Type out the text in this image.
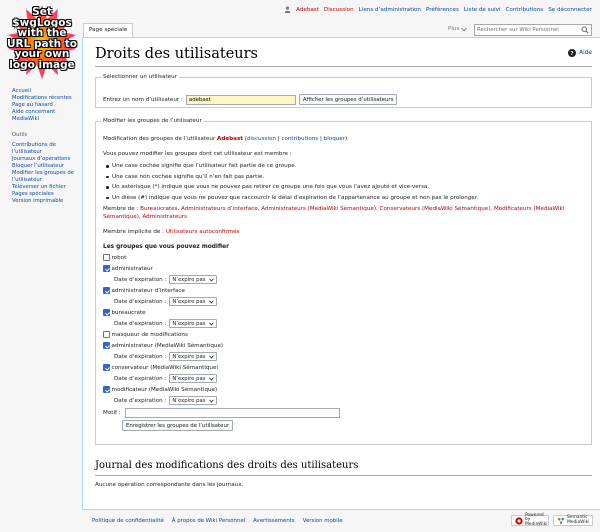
Set $wgLogos with the URL path to your own logo image
Adebast Discussion Liens d’administration Préférences Liste de suivi Contributions Se déconnecter
Page spéciale	Plus
Rechercher sur Wiki Personnel
Accueil
Modifications récentes
Page au hasard
Aide concernant MediaWiki
Outils
Contributions de l’utilisateur
Journaux d’opérations
Bloquer l’utilisateur
Modifier les groupes de l’utilisateur
Téléverser un fichier
Pages spéciales
Version imprimable
Droits des utilisateurs	? Aide
Sélectionner un utilisateur
Entrez un nom d’utilisateur :
adebast	Afficher les groupes d’utilisateurs
Modifier les groupes de l’utilisateur

Modification des groupes de l’utilisateur Adebast (discussion | contributions | bloquer)

Vous pouvez modifier les groupes dont cet utilisateur est membre :

Une case cochée signifie que l’utilisateur fait partie de ce groupe.
Une case non cochée signifie qu’il n’en fait pas partie.
Un astérisque (*) indique que vous ne pouvez pas retirer ce groupe une fois que vous l’avez ajouté et vice-versa.
Un dièse (#) indique que vous ne pouvez que raccourcir le délai d’expiration de l’appartenance au groupe et non pas le prolonger.

Membre de : Bureaucrates, Administrateurs d’interface, Administrateurs (MediaWiki Sémantique), Conservateurs (MediaWiki Sémantique), Modificateurs (MediaWiki Sémantique), Administrateurs

Membre implicite de : Utilisateurs autoconfirmés

Les groupes que vous pouvez modifier
robot
administrateur
Date d’expiration : N’expire pas
administrateur d’interface
Date d’expiration : N’expire pas
bureaucrate
Date d’expiration : N’expire pas
masqueur de modifications
administrateur (MediaWiki Sémantique)
Date d’expiration : N’expire pas
conservateur (MediaWiki Sémantique)
Date d’expiration : N’expire pas
modificateur (MediaWiki Sémantique)
Date d’expiration : N’expire pas
Motif :
Enregistrer les groupes de l’utilisateur
Journal des modifications des droits des utilisateurs
Aucune opération correspondante dans les journaux.
Politique de confidentialité À propos de Wiki Personnel Avertissements Version mobile
Powered by MediaWiki
Semantic MediaWiki
